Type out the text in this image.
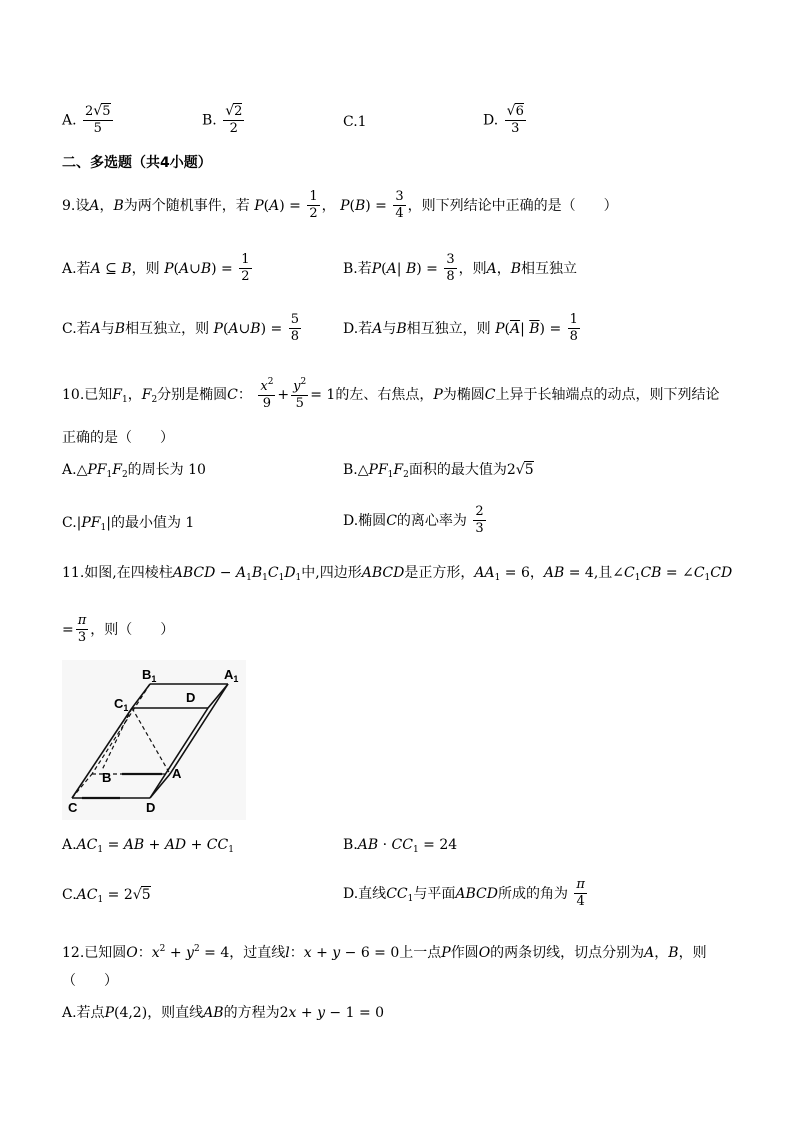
A. $\frac{2√5}{5}$	B. $\frac{√2}{2}$	C.1	D. $\frac{√6}{3}$
二、多选题（共4小题）
9.设A，B为两个随机事件，若 $P(A) = \frac{1}{2}$ ， $P(B) = \frac{3}{4}$ ，则下列结论中正确的是（　　）
A.若A ⊆ B，则 P(A∪B) = $\frac{1}{2}$	B.若P(A| $B) = \frac{3}{8}$ ，则A，B相互独立
C.若A与B相互独立，则 P(A∪B) = $\frac{5}{8}$	D.若A与B相互独立，则 $P(\overline{A}|$ $\overline{B}) = \frac{1}{8}$
10.已知$F_1$，$F_2$分别是椭圆C： $\frac{x^2}{9} + \frac{y^2}{5} = 1$的左、右焦点，P为椭圆C上异于长轴端点的动点，则下列结论
正确的是（　　）
$A.\triangle PF_1F_2$的周长为 10	$B.\triangle PF_1F_2$面积的最大值为2√5
$C.|PF_1|$的最小值为 1	D.椭圆C的离心率为 $\frac{2}{3}$
11.如图,在四棱柱ABCD − $A_1B_1C_1D_1$中,四边形ABCD是正方形，$AA_1 = 6$，AB = 4,且$\angle C_1CB$ = $\angle C_1CD$
= $\frac{\pi}{3}$ ，则（　　）
$B_1$	$A_1$
$C_1$
D
B	A
C	D
$A.AC_1$ = AB + AD + $CC_1$	$B.AB \cdot CC_1 = 24$
$C.AC_1 = 2√5$	D.直线$CC_1$与平面ABCD所成的角为 $\frac{\pi}{4}$
12.已知圆O：$x^2 + y^2 = 4$，过直线l：x + y − 6 = 0上一点P作圆O的两条切线，切点分别为A，B，则
（　　）
A.若点P(4,2)，则直线AB的方程为2x + y − 1 = 0
